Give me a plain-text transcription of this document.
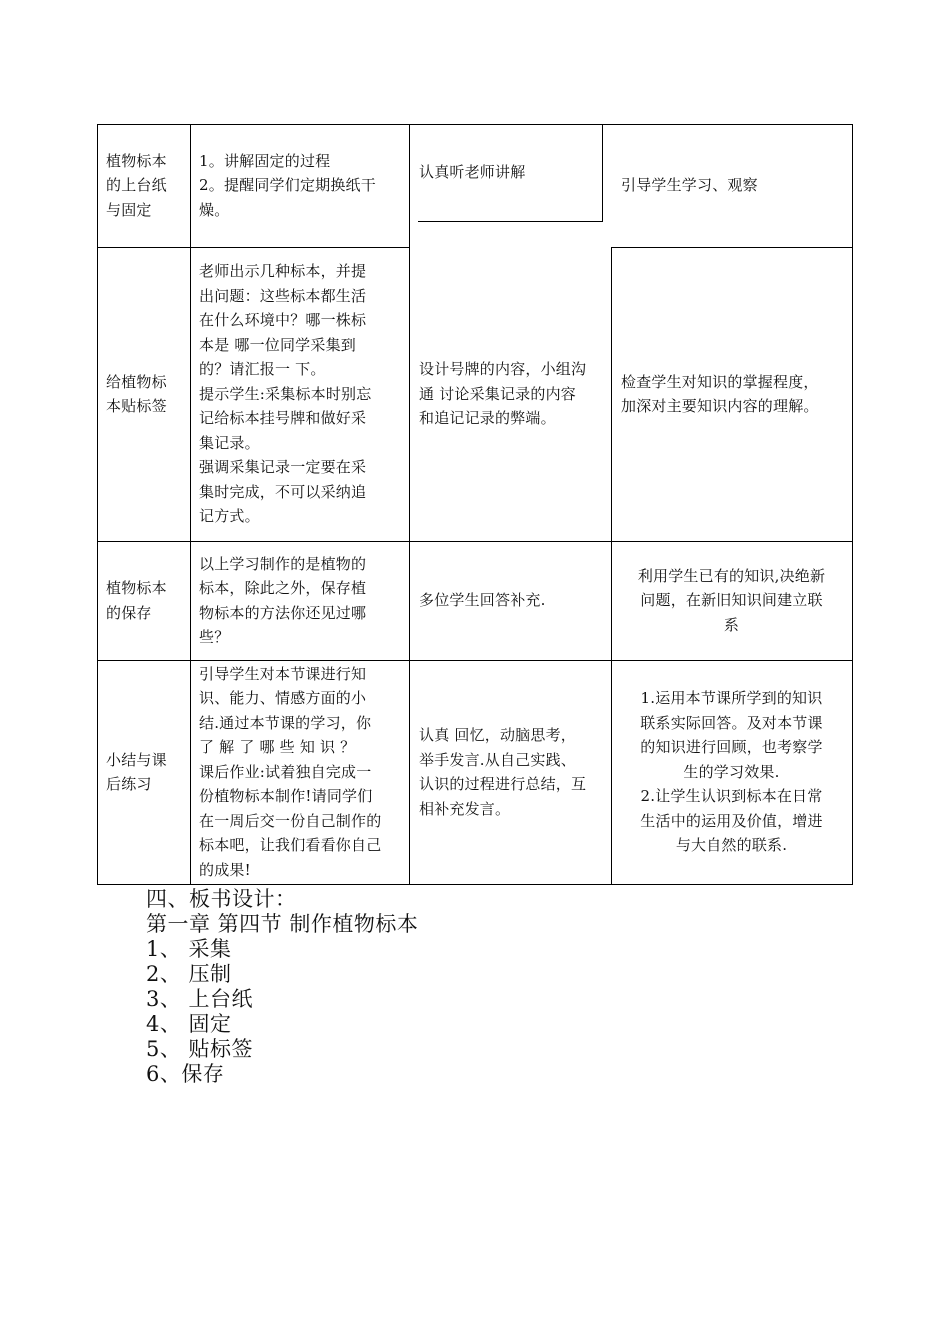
植物标本
的上台纸
与固定
1。讲解固定的过程
2。提醒同学们定期换纸干
燥。
认真听老师讲解
引导学生学习、观察
给植物标
本贴标签
老师出示几种标本，并提
出问题：这些标本都生活
在什么环境中？哪一株标
本是 哪一位同学采集到
的？请汇报一 下。
提示学生:采集标本时别忘
记给标本挂号牌和做好采
集记录。
强调采集记录一定要在采
集时完成，不可以采纳追
记方式。
设计号牌的内容，小组沟
通 讨论采集记录的内容
和追记记录的弊端。
检查学生对知识的掌握程度，
加深对主要知识内容的理解。
植物标本
的保存
以上学习制作的是植物的
标本，除此之外，保存植
物标本的方法你还见过哪
些？
多位学生回答补充.
利用学生已有的知识,决绝新
问题，在新旧知识间建立联
系
小结与课
后练习
引导学生对本节课进行知
识、能力、情感方面的小
结.通过本节课的学习，你
了 解 了 哪 些 知 识 ？
课后作业:试着独自完成一
份植物标本制作!请同学们
在一周后交一份自己制作的
标本吧，让我们看看你自己
的成果!
认真 回忆，动脑思考，
举手发言.从自己实践、
认识的过程进行总结，互
相补充发言。
1.运用本节课所学到的知识
联系实际回答。及对本节课
的知识进行回顾，也考察学
生的学习效果.
2.让学生认识到标本在日常
生活中的运用及价值，增进
与大自然的联系.
四、板书设计：
第一章 第四节 制作植物标本
1、 采集
2、 压制
3、 上台纸
4、 固定
5、 贴标签
6、保存
